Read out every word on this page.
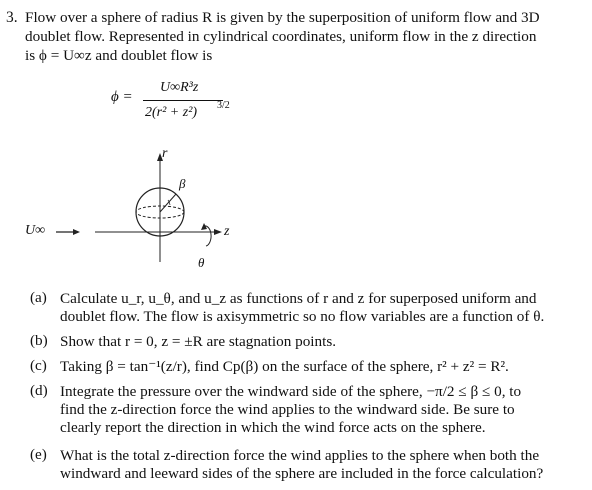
3. Flow over a sphere of radius R is given by the superposition of uniform flow and 3D
doublet flow. Represented in cylindrical coordinates, uniform flow in the z direction
is ϕ = U∞z and doublet flow is
ϕ =
U∞R³z
2(r² + z²) 3/2
r
β
z
θ
U∞
(a) Calculate u_r, u_θ, and u_z as functions of r and z for superposed uniform and
doublet flow. The flow is axisymmetric so no flow variables are a function of θ.
(b) Show that r = 0, z = ±R are stagnation points.
(c) Taking β = tan⁻¹(z/r), find Cp(β) on the surface of the sphere, r² + z² = R².
(d) Integrate the pressure over the windward side of the sphere, −π/2 ≤ β ≤ 0, to
find the z-direction force the wind applies to the windward side. Be sure to
clearly report the direction in which the wind force acts on the sphere.
(e) What is the total z-direction force the wind applies to the sphere when both the
windward and leeward sides of the sphere are included in the force calculation?
